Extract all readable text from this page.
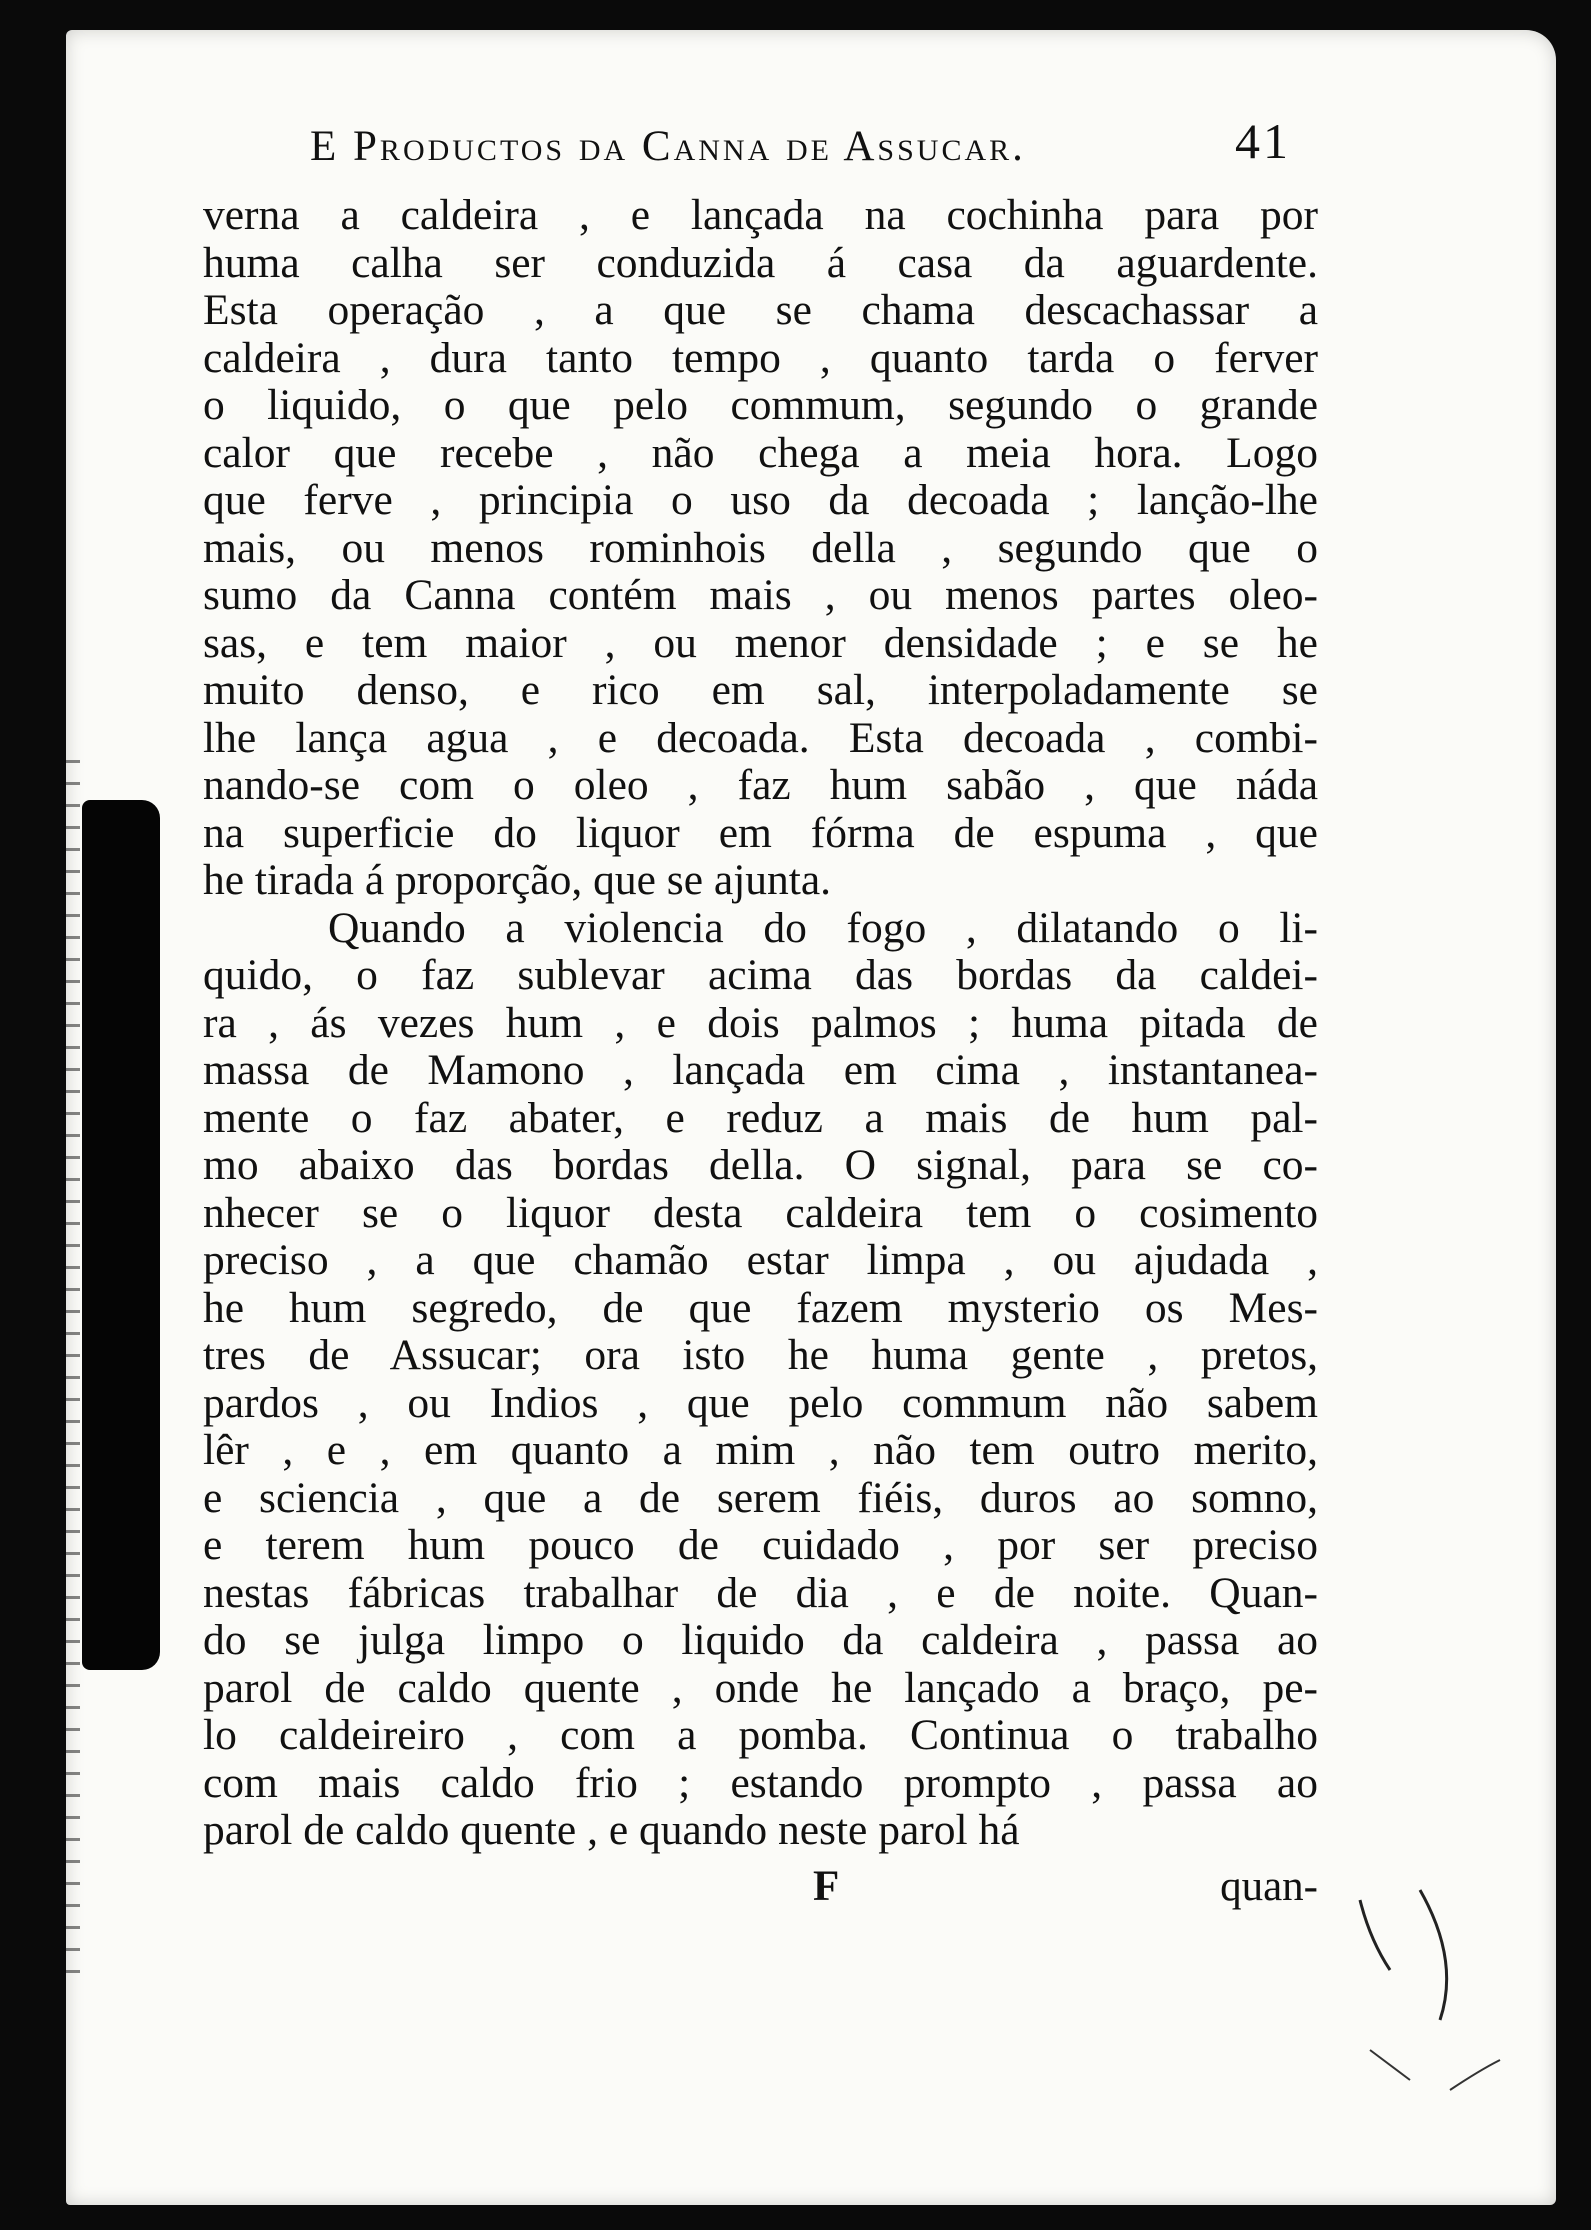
E Productos da Canna de Assucar.	41
verna a caldeira , e lançada na cochinha para por
huma calha ser conduzida á casa da aguardente.
Esta operação , a que se chama descachassar a
caldeira , dura tanto tempo , quanto tarda o ferver
o liquido, o que pelo commum, segundo o grande
calor que recebe , não chega a meia hora. Logo
que ferve , principia o uso da decoada ; lanção-lhe
mais, ou menos rominhois della , segundo que o
sumo da Canna contém mais , ou menos partes oleo-
sas, e tem maior , ou menor densidade ; e se he
muito denso, e rico em sal, interpoladamente se
lhe lança agua , e decoada. Esta decoada , combi-
nando-se com o oleo , faz hum sabão , que náda
na superficie do liquor em fórma de espuma , que
he tirada á proporção, que se ajunta.
Quando a violencia do fogo , dilatando o li-
quido, o faz sublevar acima das bordas da caldei-
ra , ás vezes hum , e dois palmos ; huma pitada de
massa de Mamono , lançada em cima , instantanea-
mente o faz abater, e reduz a mais de hum pal-
mo abaixo das bordas della. O signal, para se co-
nhecer se o liquor desta caldeira tem o cosimento
preciso , a que chamão estar limpa , ou ajudada ,
he hum segredo, de que fazem mysterio os Mes-
tres de Assucar; ora isto he huma gente , pretos,
pardos , ou Indios , que pelo commum não sabem
lêr , e , em quanto a mim , não tem outro merito,
e sciencia , que a de serem fiéis, duros ao somno,
e terem hum pouco de cuidado , por ser preciso
nestas fábricas trabalhar de dia , e de noite. Quan-
do se julga limpo o liquido da caldeira , passa ao
parol de caldo quente , onde he lançado a braço, pe-
lo caldeireiro , com a pomba. Continua o trabalho
com mais caldo frio ; estando prompto , passa ao
parol de caldo quente , e quando neste parol há
F	quan-
